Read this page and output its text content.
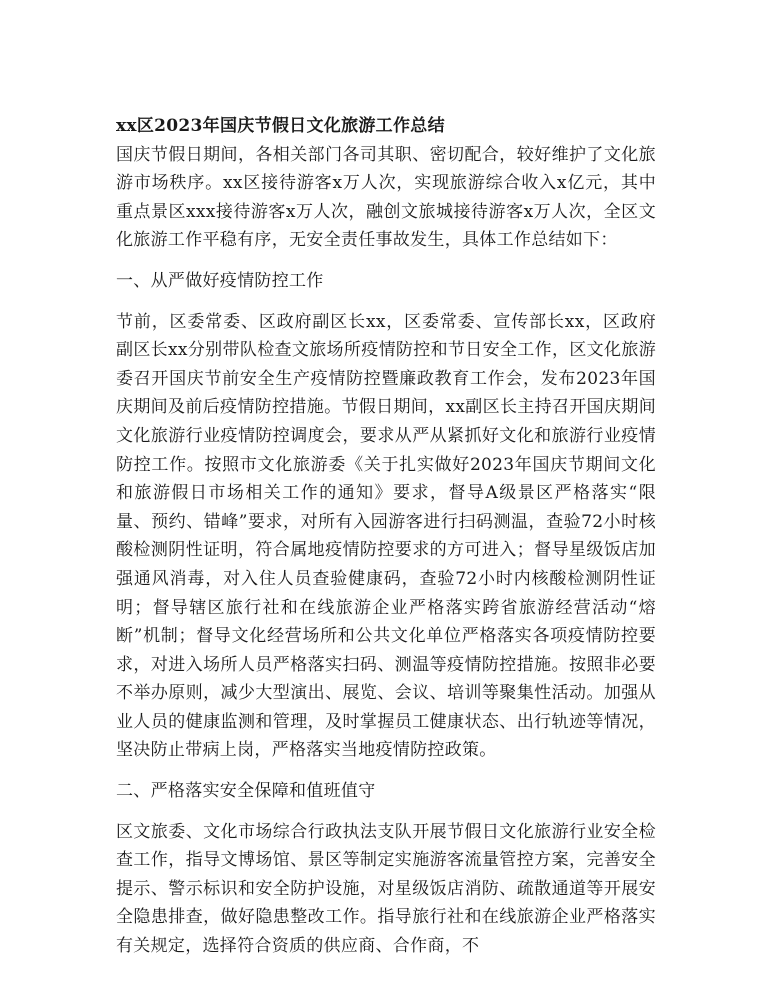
xx区2023年国庆节假日文化旅游工作总结

国庆节假日期间，各相关部门各司其职、密切配合，较好维护了文化旅游市场秩序。xx区接待游客x万人次，实现旅游综合收入x亿元，其中重点景区xxx接待游客x万人次，融创文旅城接待游客x万人次，全区文化旅游工作平稳有序，无安全责任事故发生，具体工作总结如下：

一、从严做好疫情防控工作

节前，区委常委、区政府副区长xx，区委常委、宣传部长xx，区政府副区长xx分别带队检查文旅场所疫情防控和节日安全工作，区文化旅游委召开国庆节前安全生产疫情防控暨廉政教育工作会，发布2023年国庆期间及前后疫情防控措施。节假日期间，xx副区长主持召开国庆期间文化旅游行业疫情防控调度会，要求从严从紧抓好文化和旅游行业疫情防控工作。按照市文化旅游委《关于扎实做好2023年国庆节期间文化和旅游假日市场相关工作的通知》要求，督导A级景区严格落实“限量、预约、错峰”要求，对所有入园游客进行扫码测温，查验72小时核酸检测阴性证明，符合属地疫情防控要求的方可进入；督导星级饭店加强通风消毒，对入住人员查验健康码，查验72小时内核酸检测阴性证明；督导辖区旅行社和在线旅游企业严格落实跨省旅游经营活动“熔断”机制；督导文化经营场所和公共文化单位严格落实各项疫情防控要求，对进入场所人员严格落实扫码、测温等疫情防控措施。按照非必要不举办原则，减少大型演出、展览、会议、培训等聚集性活动。加强从业人员的健康监测和管理，及时掌握员工健康状态、出行轨迹等情况，坚决防止带病上岗，严格落实当地疫情防控政策。

二、严格落实安全保障和值班值守

区文旅委、文化市场综合行政执法支队开展节假日文化旅游行业安全检查工作，指导文博场馆、景区等制定实施游客流量管控方案，完善安全提示、警示标识和安全防护设施，对星级饭店消防、疏散通道等开展安全隐患排查，做好隐患整改工作。指导旅行社和在线旅游企业严格落实有关规定，选择符合资质的供应商、合作商，不
